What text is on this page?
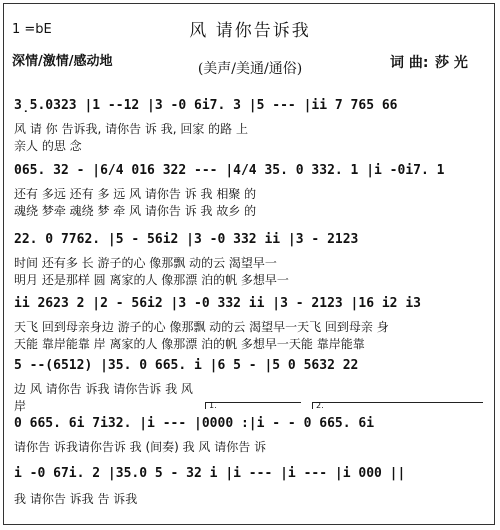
1 =bE	风 请你告诉我
深情/激情/感动地	(美声/美通/通俗)	词 曲: 莎 光
3̣5.0323 |1 --12 |3 -0 6i7. 3 |5 --- |ii 7 765 66
风 请 你 告诉我, 请你告 诉 我, 回家 的路 上
亲人 的思 念
065. 32 - |6/4 016 322 --- |4/4 35. 0 332. 1 |i -0i7. 1
还有 多远 还有 多 远 风 请你告 诉 我 相聚 的
魂绕 梦牵 魂绕 梦 牵 风 请你告 诉 我 故乡 的
22. 0 7762. |5 - 56i2 |3 -0 332 ii |3 - 2123
时间 还有多 长 游子的心 像那飘 动的云 渴望早一
明月 还是那样 圆 离家的人 像那漂 泊的帆 多想早一
ii 2623 2 |2 - 56i2 |3 -0 332 ii |3 - 2123 |16 i2 i3
天飞 回到母亲身边 游子的心 像那飘 动的云 渴望早一天飞 回到母亲 身
天能 靠岸能靠 岸 离家的人 像那漂 泊的帆 多想早一天能 靠岸能靠
5 --(6512) |35. 0 665. i |6 5 - |5 0 5632 22
边 风 请你告 诉我 请你告诉 我 风
岸	1.	2.
0 665. 6i 7i32. |i --- |0000 :|i - - 0 665. 6i
请你告 诉我请你告诉 我 (间奏) 我 风 请你告 诉
i -0 67i. 2 |35.0 5 - 32 i |i --- |i --- |i 000 ||
我 请你告 诉我 告 诉我
